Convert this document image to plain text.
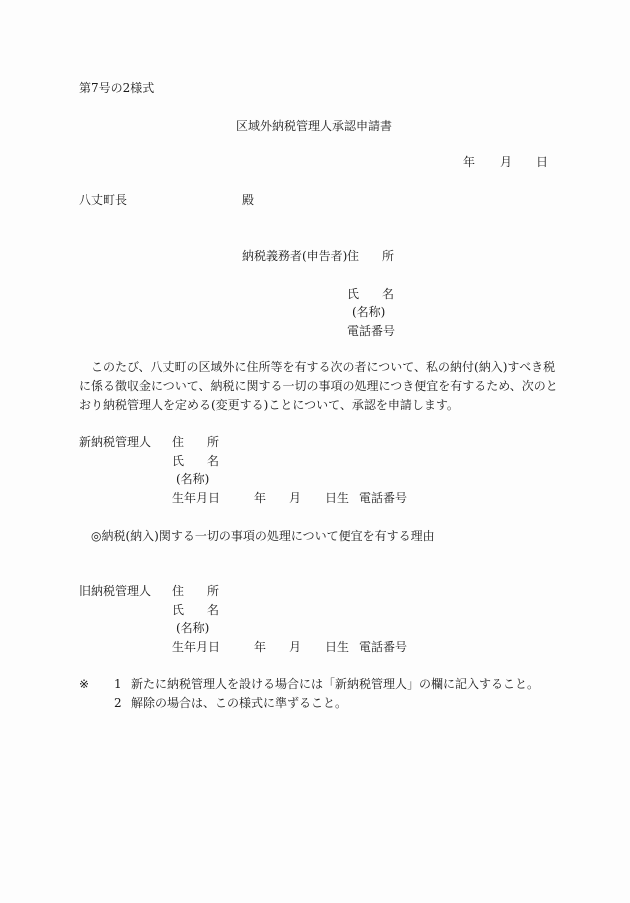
第7号の2様式
区域外納税管理人承認申請書
年 月 日
八丈町長	殿
納税義務者(申告者) 住 所
氏 名
(名称)
電話番号
このたび、八丈町の区域外に住所等を有する次の者について、私の納付(納入)すべき税
に係る徴収金について、納税に関する一切の事項の処理につき便宜を有するため、次のと
おり納税管理人を定める(変更する)ことについて、承認を申請します。
新納税管理人 住 所
氏 名
(名称)
生年月日	年 月 日生 電話番号
◎納税(納入)関する一切の事項の処理について便宜を有する理由
旧納税管理人 住 所
氏 名
(名称)
生年月日	年 月 日生 電話番号
※ 1 新たに納税管理人を設ける場合には「新納税管理人」の欄に記入すること。
2 解除の場合は、この様式に準ずること。
